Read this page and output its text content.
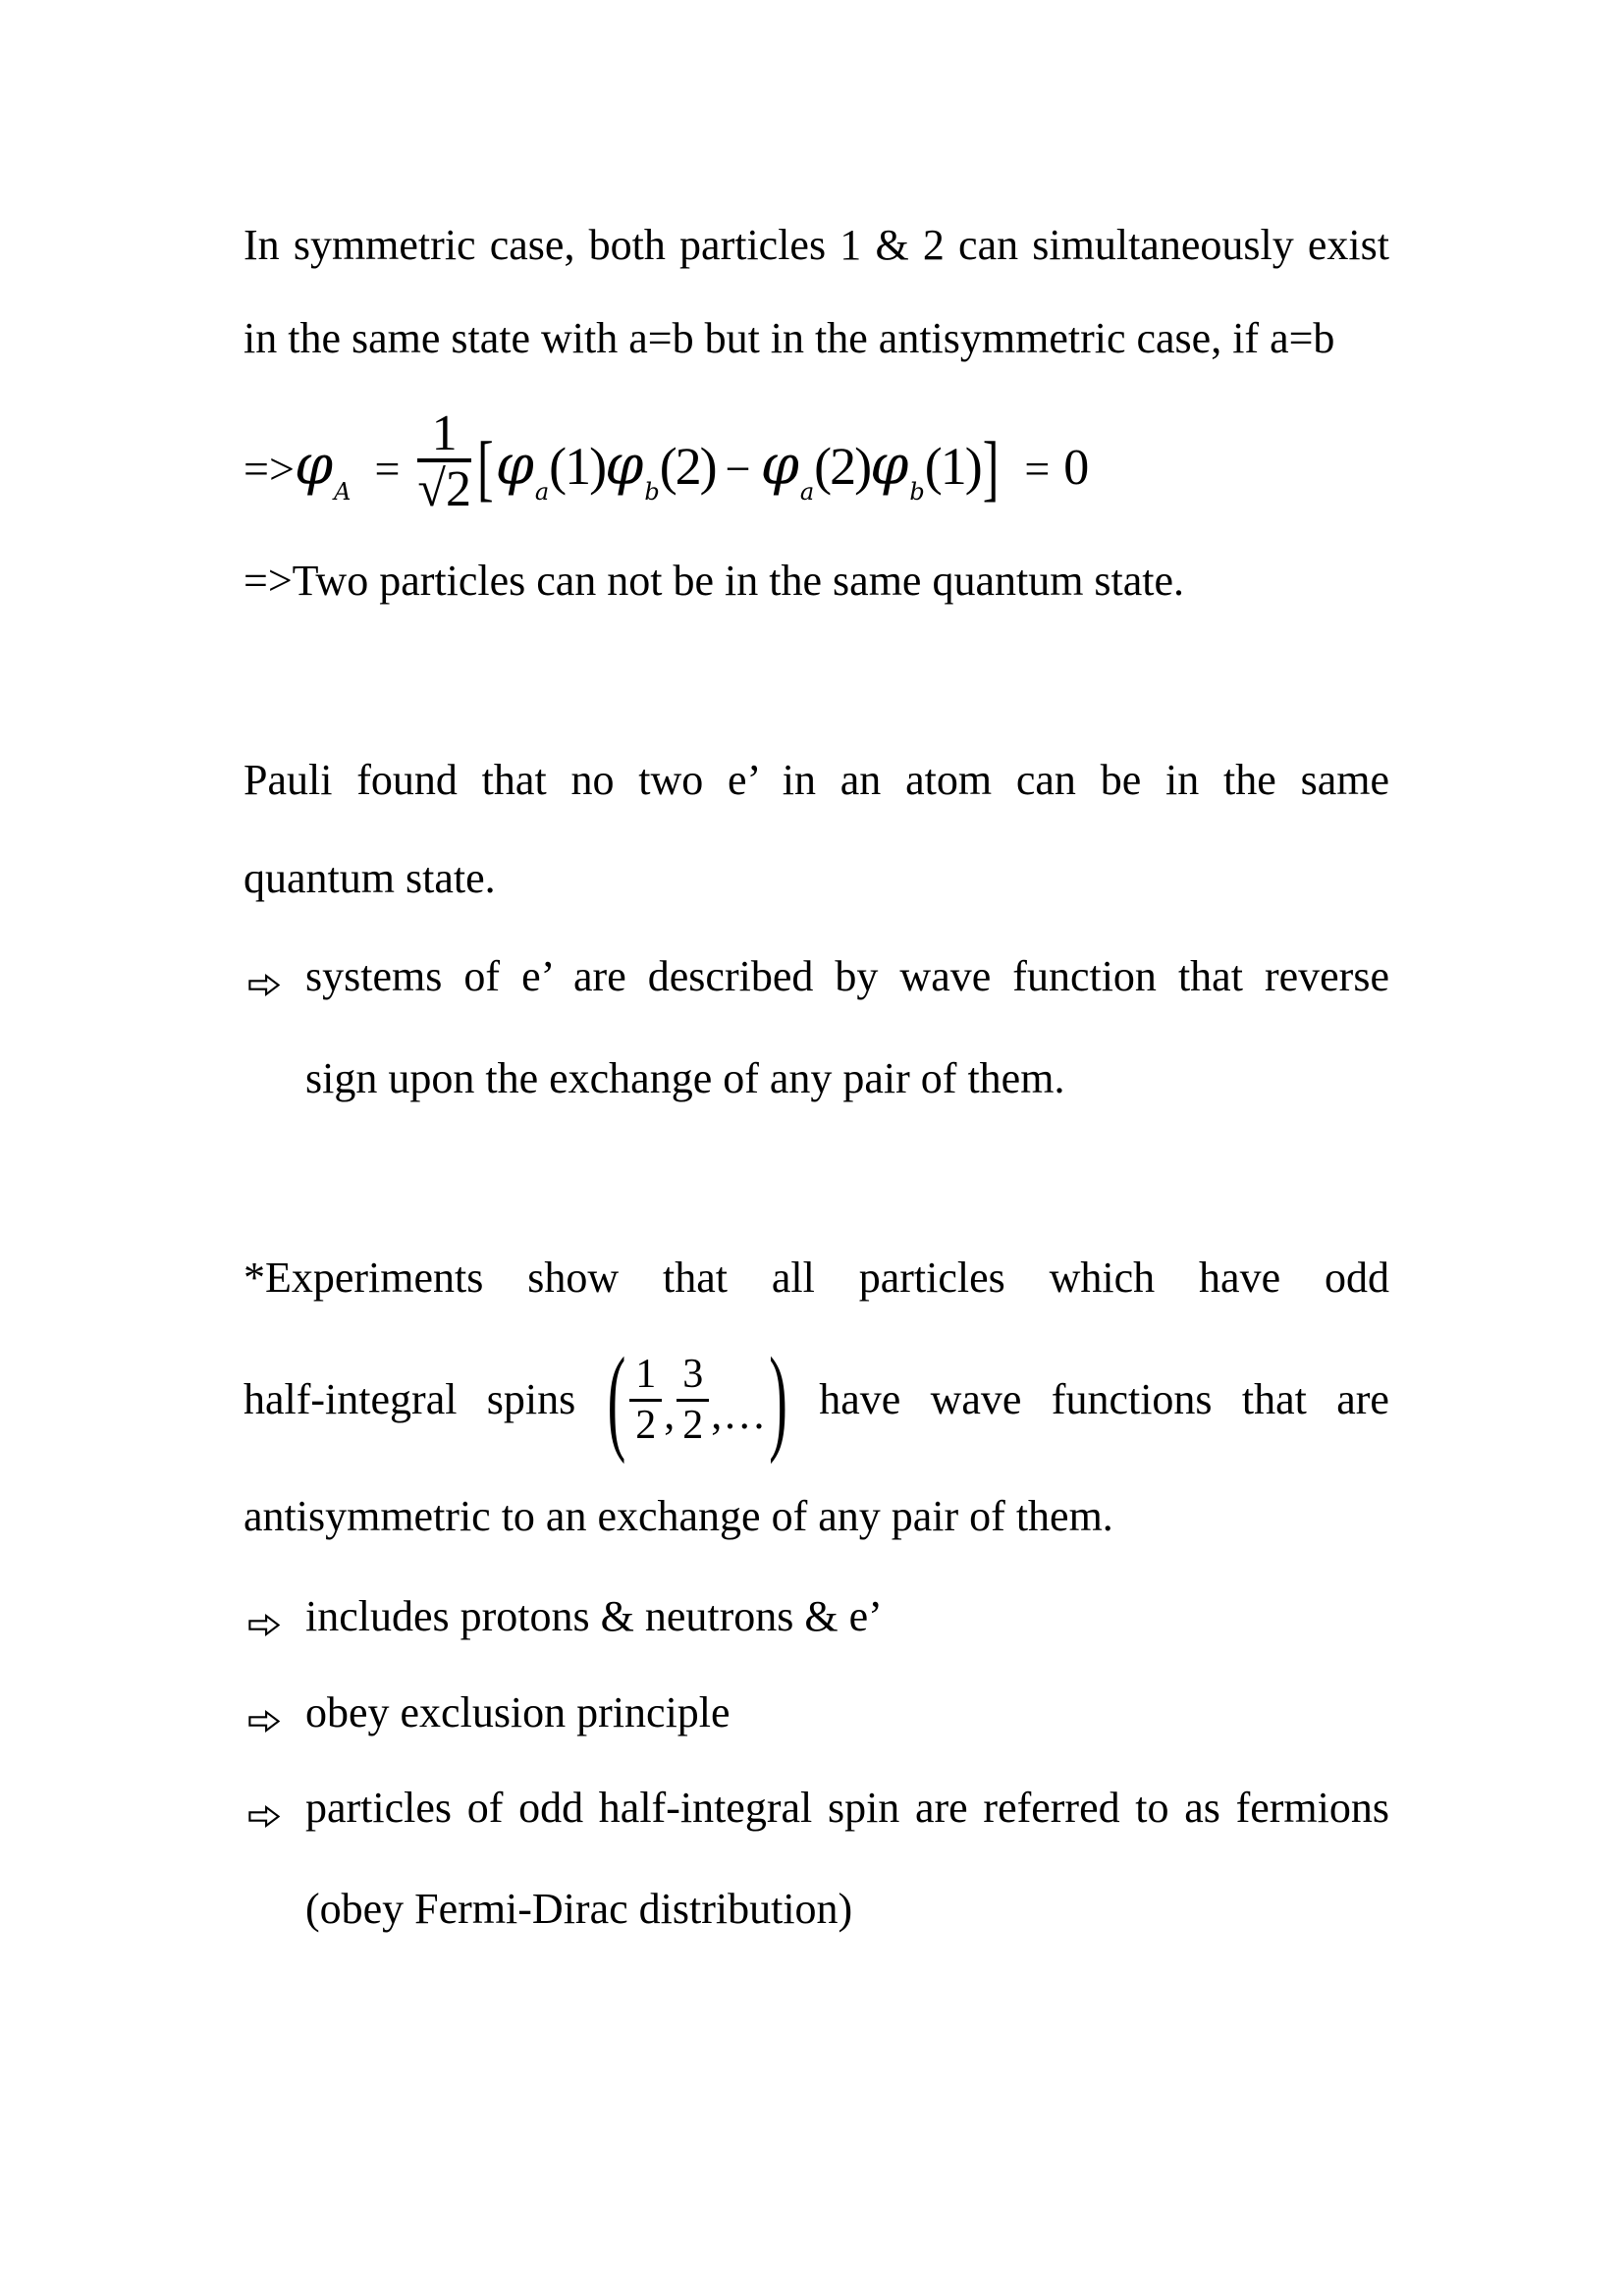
In symmetric case, both particles 1 & 2 can simultaneously exist
in the same state with a=b but in the antisymmetric case, if a=b
$=>\varphi_A = \frac{1}{√2} [\varphi_a(1)\varphi_b(2) - \varphi_a(2)\varphi_b(1)] = 0$
=>Two particles can not be in the same quantum state.
Pauli found that no two e’ in an atom can be in the same
quantum state.
systems of e’ are described by wave function that reverse
sign upon the exchange of any pair of them.
*Experiments show that all particles which have odd
half-integral spins ( $\frac{1}{2}$ , $\frac{3}{2}$ ,… ) have wave functions that are
antisymmetric to an exchange of any pair of them.
includes protons & neutrons & e’
obey exclusion principle
particles of odd half-integral spin are referred to as fermions
(obey Fermi-Dirac distribution)
